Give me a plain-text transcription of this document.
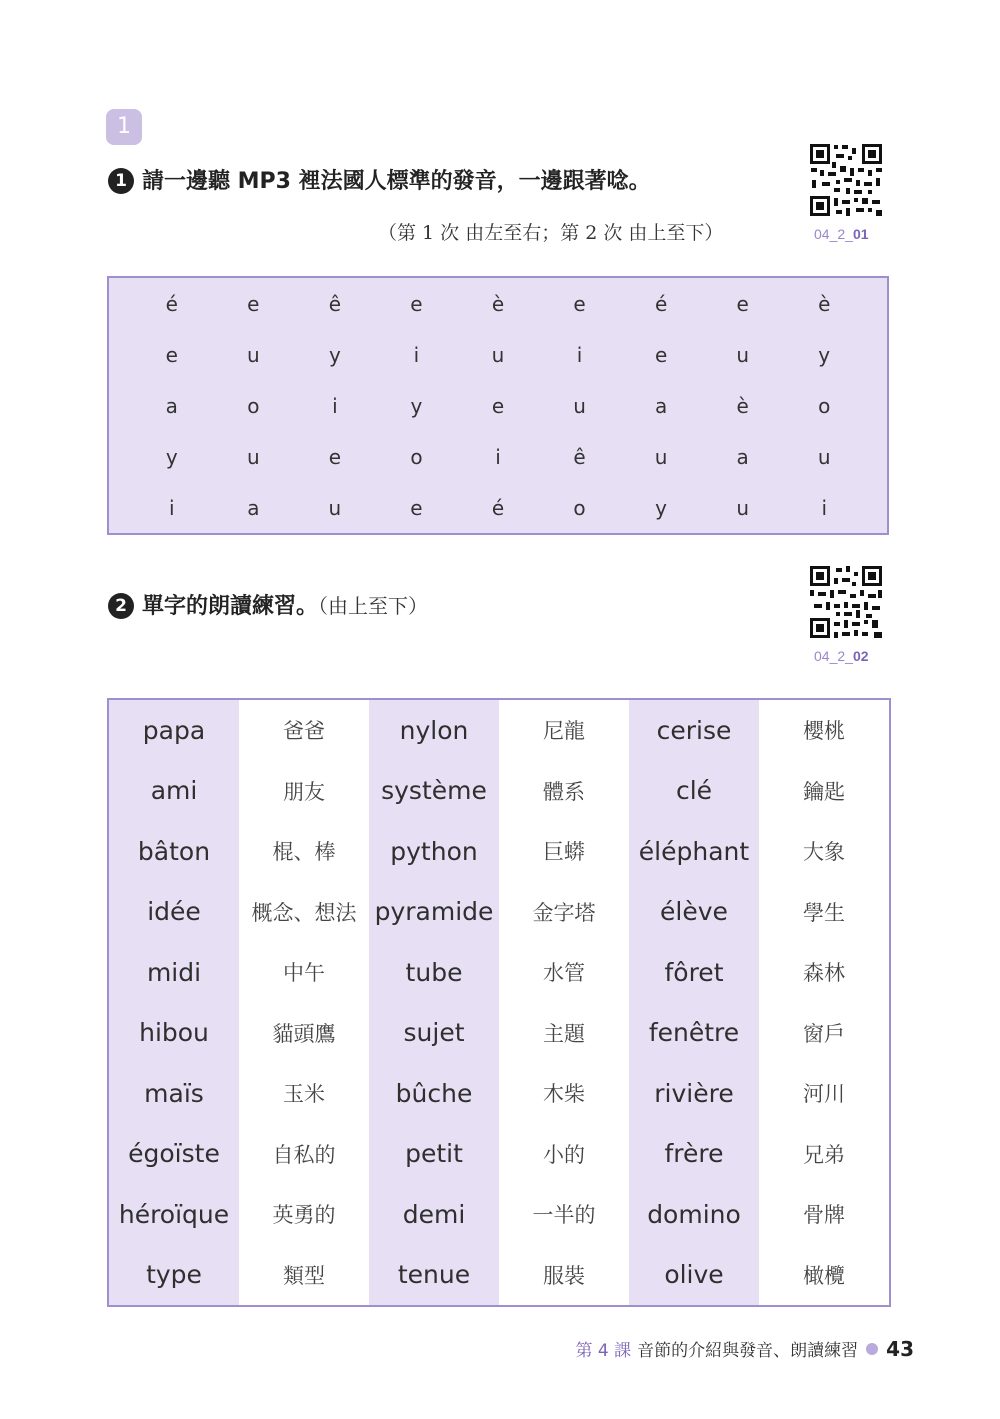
1
1 請一邊聽 MP3 裡法國人標準的發音，一邊跟著唸。
（第 1 次 由左至右；第 2 次 由上至下）	04_2_01
é	e	ê	e	è	e	é	e	è
e	u	y	i	u	i	e	u	y
a	o	i	y	e	u	a	è	o
y	u	e	o	i	ê	u	a	u
i	a	u	e	é	o	y	u	i
2 單字的朗讀練習。（由上至下）
04_2_02
papa	爸爸	nylon	尼龍	cerise	櫻桃
ami	朋友	système	體系	clé	鑰匙
bâton	棍、棒	python	巨蟒	éléphant	大象
idée	概念、想法 pyramide	金字塔	élève	學生
midi	中午	tube	水管	fôret	森林
hibou	貓頭鷹	sujet	主題	fenêtre	窗戶
maïs	玉米	bûche	木柴	rivière	河川
égoïste	自私的	petit	小的	frère	兄弟
héroïque	英勇的	demi	一半的	domino	骨牌
type	類型	tenue	服裝	olive	橄欖
第 4 課 音節的介紹與發音、朗讀練習 43
